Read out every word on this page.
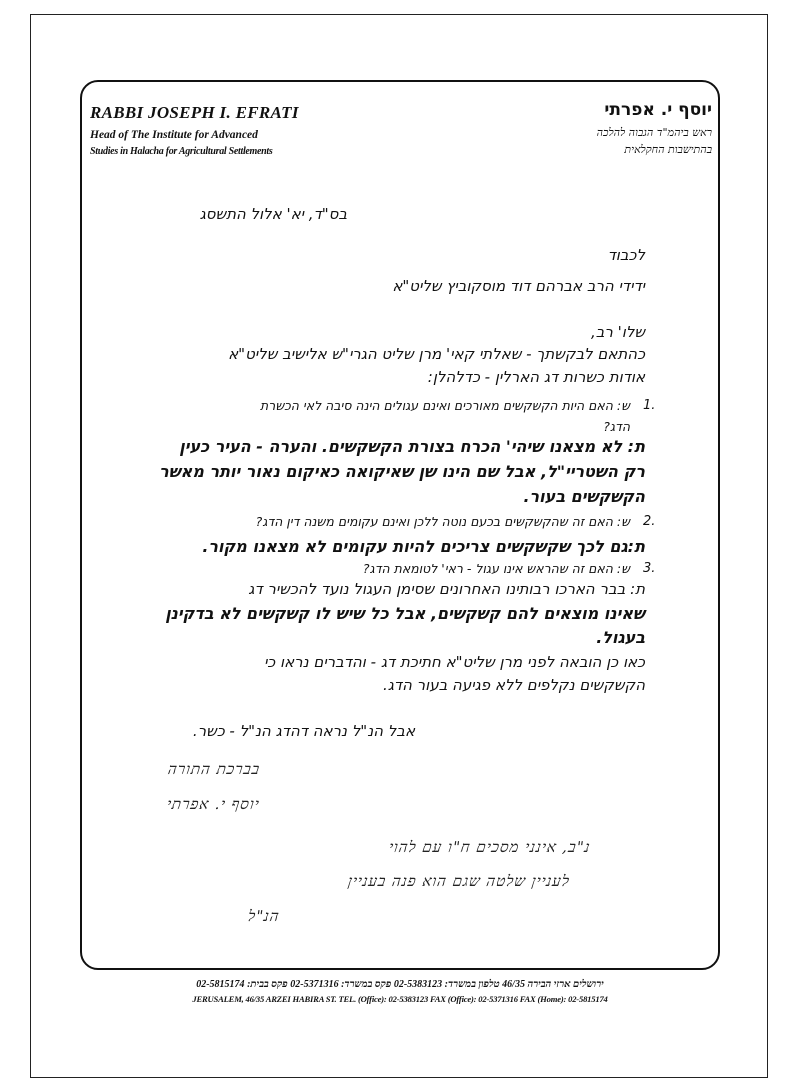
RABBI JOSEPH I. EFRATI
Head of The Institute for Advanced
Studies in Halacha for Agricultural Settlements
יוסף י. אפרתי
ראש ביהמ"ד הגבוה להלכה
בהתישבות החקלאית
בס"ד, יא' אלול התשסג
לכבוד
ידידי הרב אברהם דוד מוסקוביץ שליט"א
שלו' רב,
כהתאם לבקשתך - שאלתי קאי' מרן שליט הגרי"ש אלישיב שליט"א
אודות כשרות דג הארלין - כדלהלן:
1.
ש: האם היות הקשקשים מאורכים ואינם עגולים הינה סיבה לאי הכשרת
הדג?
ת: לא מצאנו שיהי' הכרח בצורת הקשקשים. והערה - העיר כעין
רק השטריי"ל, אבל שם הינו שן שאיקואה כאיקום נאור יותר מאשר
הקשקשים בעור.
2.
ש: האם זה שהקשקשים בכעם נוטה ללכן ואינם עקומים משנה דין הדג?
ת:גם לכך שקשקשים צריכים להיות עקומים לא מצאנו מקור.
3.
ש: האם זה שהראש אינו עגול - ראי' לטומאת הדג?
ת: בבר הארכו רבותינו האחרונים שסימן העגול נועד להכשיר דג
שאינו מוצאים להם קשקשים, אבל כל שיש לו קשקשים לא בדקינן
בעגול.
כאו כן הובאה לפני מרן שליט"א חתיכת דג - והדברים נראו כי
הקשקשים נקלפים ללא פגיעה בעור הדג.
אבל הנ"ל נראה דהדג הנ"ל - כשר.
בברכת התורה
יוסף י. אפרתי
נ"ב, אינני מסכים ח"ו עם להוי
לעניין שלטה שגם הוא פנה בעניין
הנ"ל
ירושלים ארזי הבירה 46/35 טלפון במשרד: 02-5383123 פקס במשרד: 02-5371316 פקס בבית: 02-5815174
JERUSALEM, 46/35 ARZEI HABIRA ST. TEL. (Office): 02-5383123 FAX (Office): 02-5371316 FAX (Home): 02-5815174
